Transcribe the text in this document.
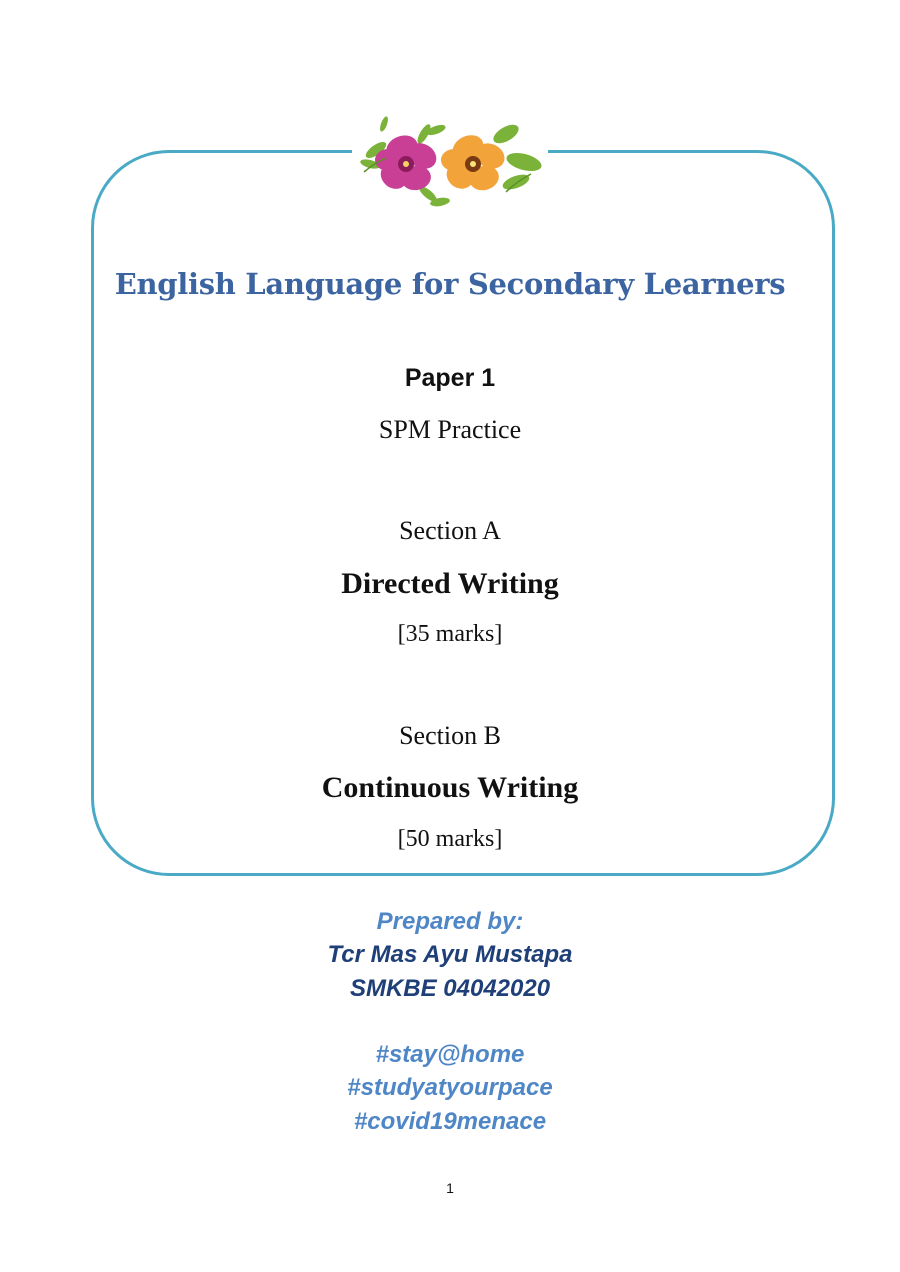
English Language for Secondary Learners
Paper 1
SPM Practice
Section A
Directed Writing
[35 marks]
Section B
Continuous Writing
[50 marks]
Prepared by:
Tcr Mas Ayu Mustapa
SMKBE 04042020
#stay@home
#studyatyourpace
#covid19menace
1
